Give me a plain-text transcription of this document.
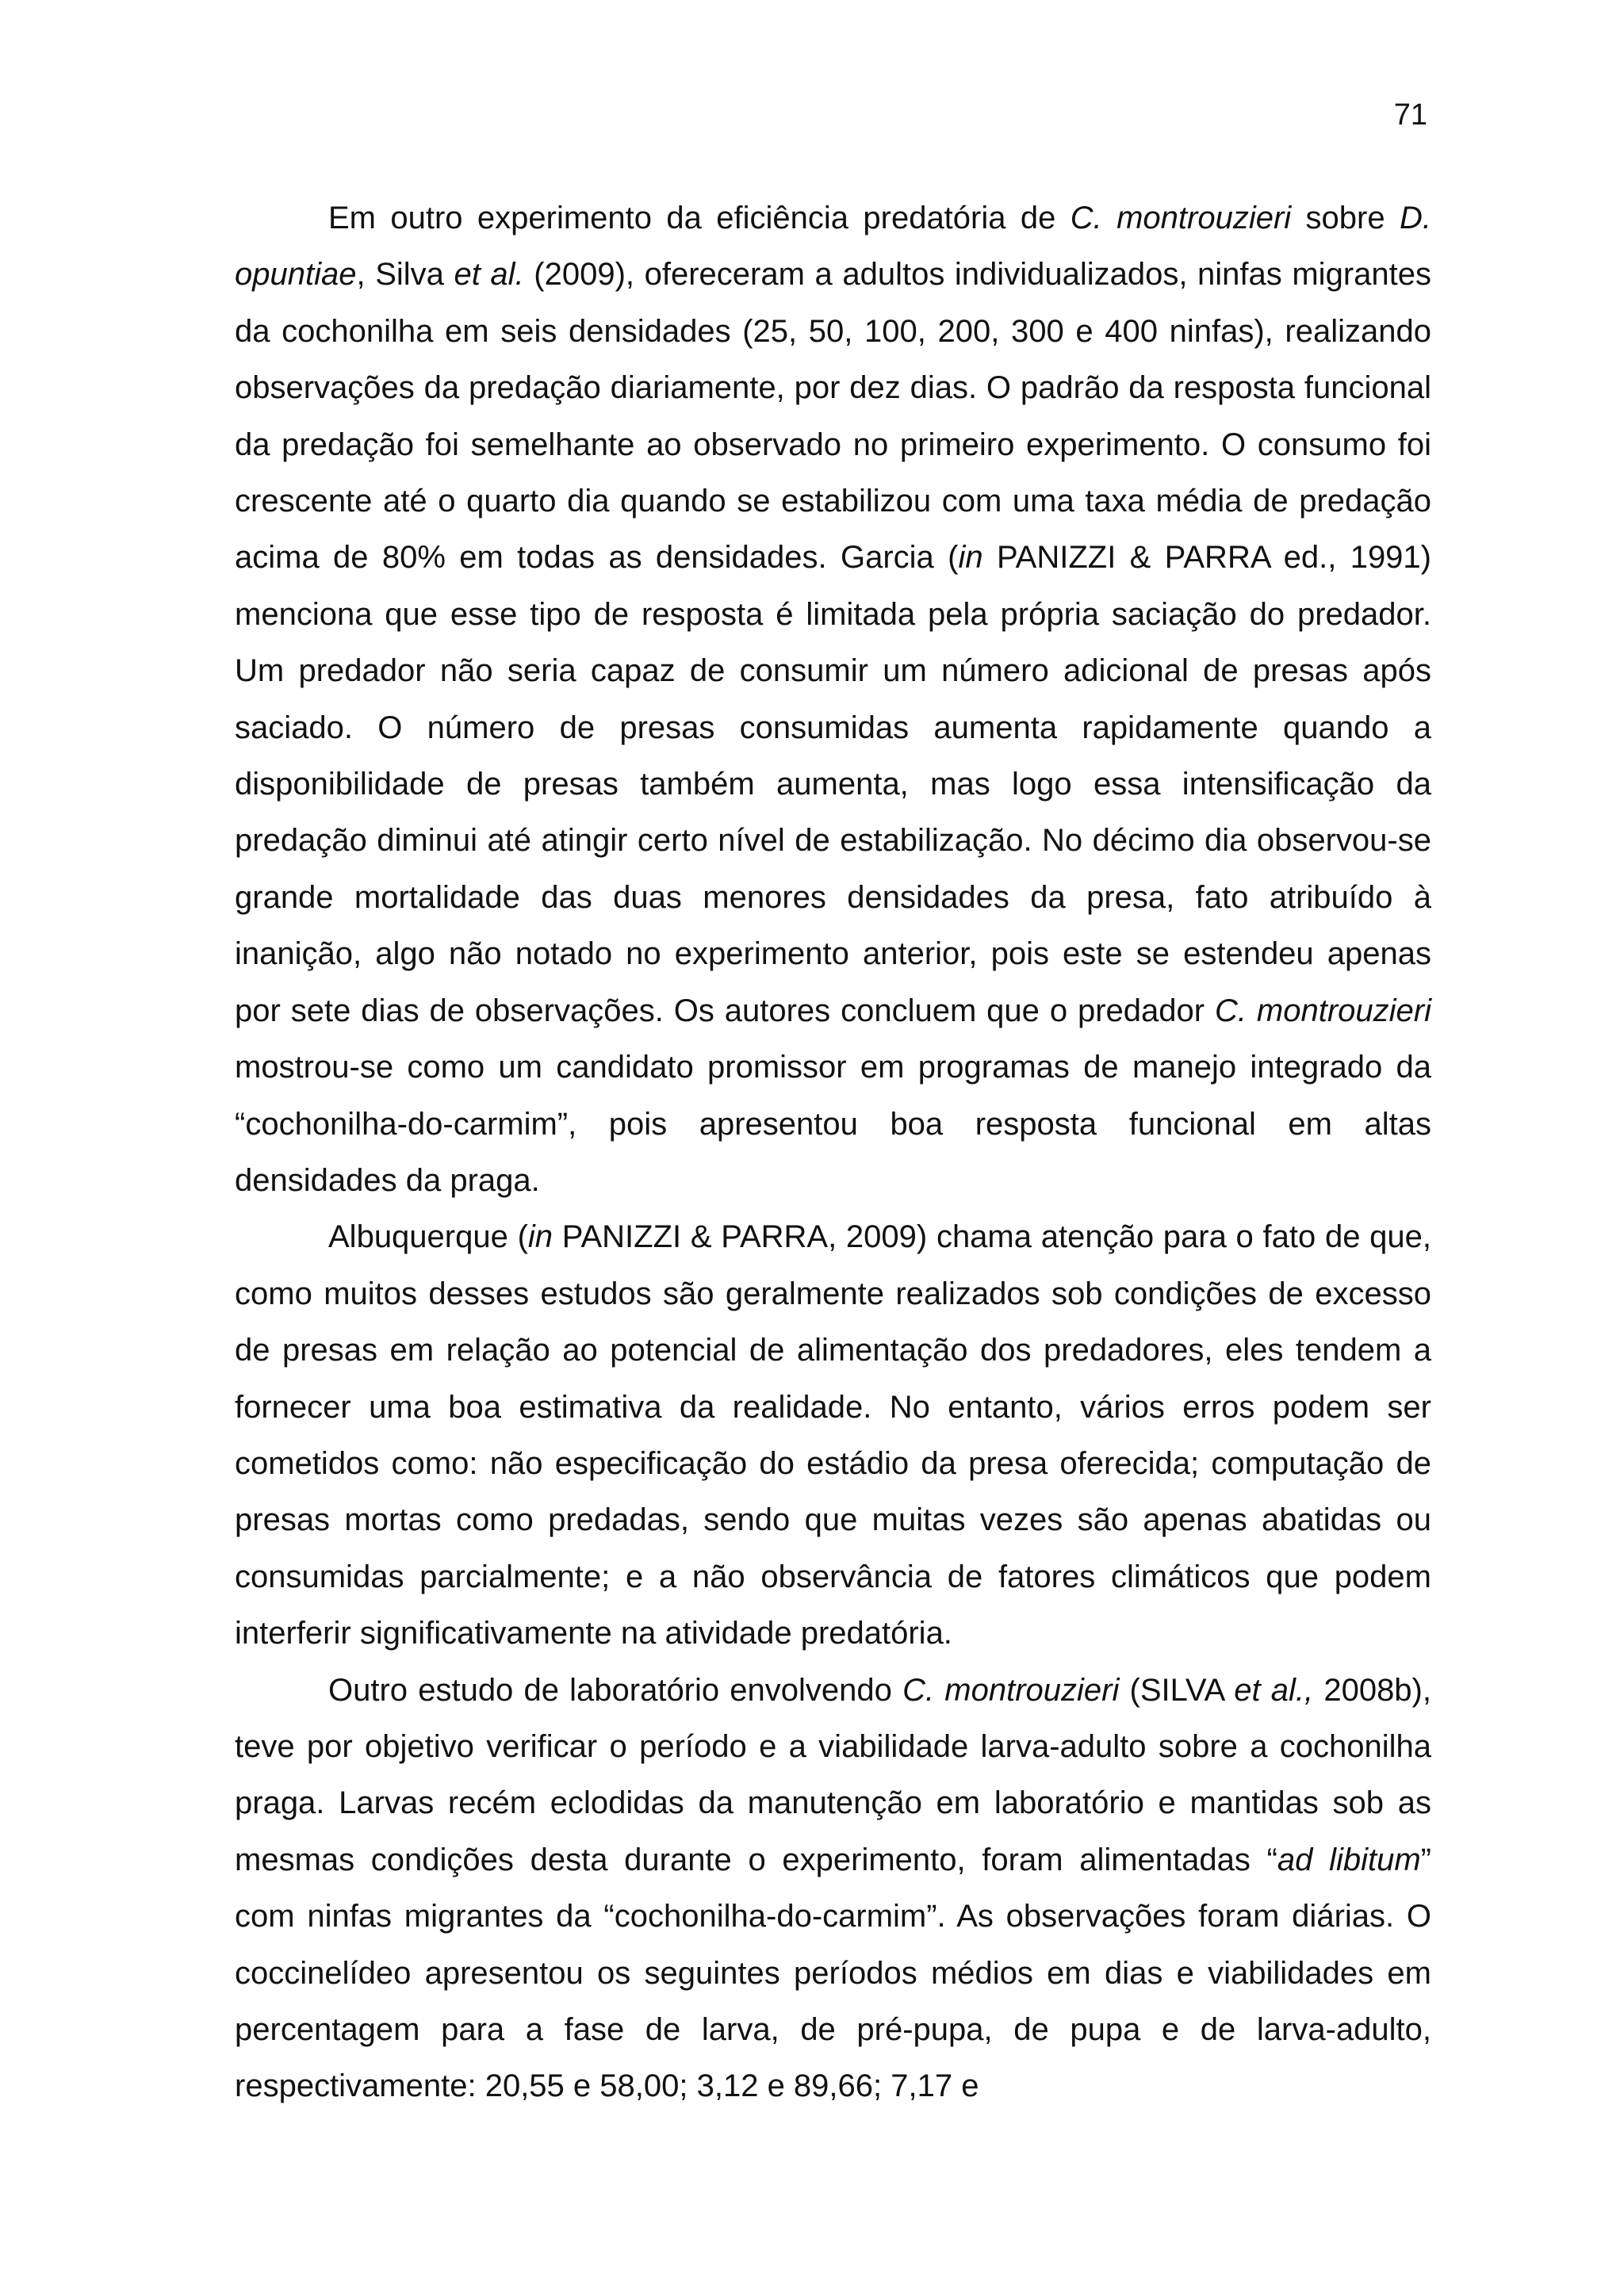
71

Em outro experimento da eficiência predatória de C. montrouzieri sobre D. opuntiae, Silva et al. (2009), ofereceram a adultos individualizados, ninfas migrantes da cochonilha em seis densidades (25, 50, 100, 200, 300 e 400 ninfas), realizando observações da predação diariamente, por dez dias. O padrão da resposta funcional da predação foi semelhante ao observado no primeiro experimento. O consumo foi crescente até o quarto dia quando se estabilizou com uma taxa média de predação acima de 80% em todas as densidades. Garcia (in PANIZZI & PARRA ed., 1991) menciona que esse tipo de resposta é limitada pela própria saciação do predador. Um predador não seria capaz de consumir um número adicional de presas após saciado. O número de presas consumidas aumenta rapidamente quando a disponibilidade de presas também aumenta, mas logo essa intensificação da predação diminui até atingir certo nível de estabilização. No décimo dia observou-se grande mortalidade das duas menores densidades da presa, fato atribuído à inanição, algo não notado no experimento anterior, pois este se estendeu apenas por sete dias de observações. Os autores concluem que o predador C. montrouzieri mostrou-se como um candidato promissor em programas de manejo integrado da “cochonilha-do-carmim”, pois apresentou boa resposta funcional em altas densidades da praga.

Albuquerque (in PANIZZI & PARRA, 2009) chama atenção para o fato de que, como muitos desses estudos são geralmente realizados sob condições de excesso de presas em relação ao potencial de alimentação dos predadores, eles tendem a fornecer uma boa estimativa da realidade. No entanto, vários erros podem ser cometidos como: não especificação do estádio da presa oferecida; computação de presas mortas como predadas, sendo que muitas vezes são apenas abatidas ou consumidas parcialmente; e a não observância de fatores climáticos que podem interferir significativamente na atividade predatória.

Outro estudo de laboratório envolvendo C. montrouzieri (SILVA et al., 2008b), teve por objetivo verificar o período e a viabilidade larva-adulto sobre a cochonilha praga. Larvas recém eclodidas da manutenção em laboratório e mantidas sob as mesmas condições desta durante o experimento, foram alimentadas “ad libitum” com ninfas migrantes da “cochonilha-do-carmim”. As observações foram diárias. O coccinelídeo apresentou os seguintes períodos médios em dias e viabilidades em percentagem para a fase de larva, de pré-pupa, de pupa e de larva-adulto, respectivamente: 20,55 e 58,00; 3,12 e 89,66; 7,17 e
